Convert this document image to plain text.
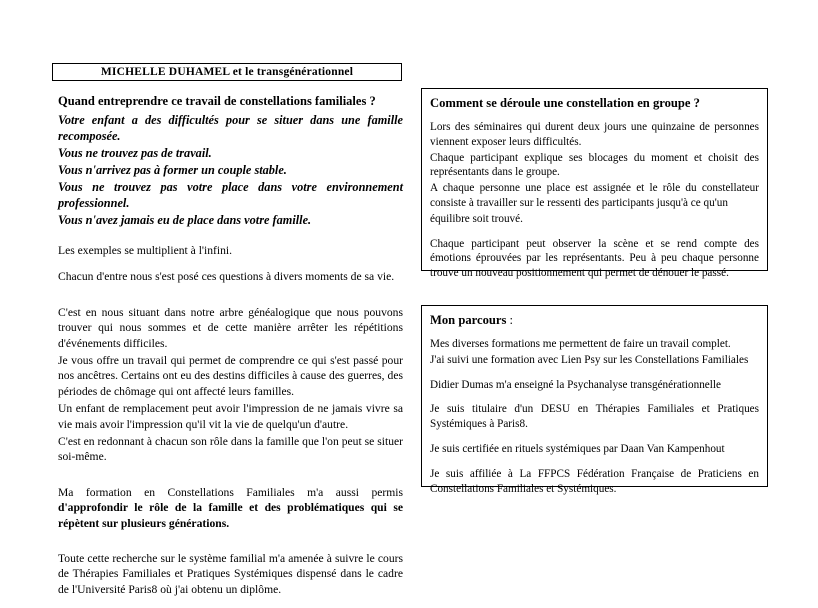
MICHELLE DUHAMEL et le transgénérationnel

Quand entreprendre ce travail de constellations familiales ?

Votre enfant a des difficultés pour se situer dans une famille recomposée.

Vous ne trouvez pas de travail.

Vous n'arrivez pas à former un couple stable.

Vous ne trouvez pas votre place dans votre environnement professionnel.

Vous n'avez jamais eu de place dans votre famille.

Les exemples se multiplient à l'infini.

Chacun d'entre nous s'est posé ces questions à divers moments de sa vie.

C'est en nous situant dans notre arbre généalogique que nous pouvons trouver qui nous sommes et de cette manière arrêter les répétitions d'événements difficiles.

Je vous offre un travail qui permet de comprendre ce qui s'est passé pour nos ancêtres. Certains ont eu des destins difficiles à cause des guerres, des périodes de chômage qui ont affecté leurs familles.

Un enfant de remplacement peut avoir l'impression de ne jamais vivre sa vie mais avoir l'impression qu'il vit la vie de quelqu'un d'autre.

C'est en redonnant à chacun son rôle dans la famille que l'on peut se situer soi-même.

Ma formation en Constellations Familiales m'a aussi permis d'approfondir le rôle de la famille et des problématiques qui se répètent sur plusieurs générations.

Toute cette recherche sur le système familial m'a amenée à suivre le cours de Thérapies Familiales et Pratiques Systémiques dispensé dans le cadre de l'Université Paris8 où j'ai obtenu un diplôme.

Comment se déroule une constellation en groupe ?

Lors des séminaires qui durent deux jours une quinzaine de personnes viennent exposer leurs difficultés.

Chaque participant explique ses blocages du moment et choisit des représentants dans le groupe.

A chaque personne une place est assignée et le rôle du constellateur consiste à travailler sur le ressenti des participants jusqu'à ce qu'un

équilibre soit trouvé.

Chaque participant peut observer la scène et se rend compte des émotions éprouvées par les représentants. Peu à peu chaque personne trouve un nouveau positionnement qui permet de dénouer le passé.

Mon parcours :

Mes diverses formations me permettent de faire un travail complet.

J'ai suivi une formation avec Lien Psy sur les Constellations Familiales

Didier Dumas m'a enseigné la Psychanalyse transgénérationnelle

Je suis titulaire d'un DESU en Thérapies Familiales et Pratiques Systémiques à Paris8.

Je suis certifiée en rituels systémiques par Daan Van Kampenhout

Je suis affiliée à La FFPCS Fédération Française de Praticiens en Constellations Familiales et Systémiques.
